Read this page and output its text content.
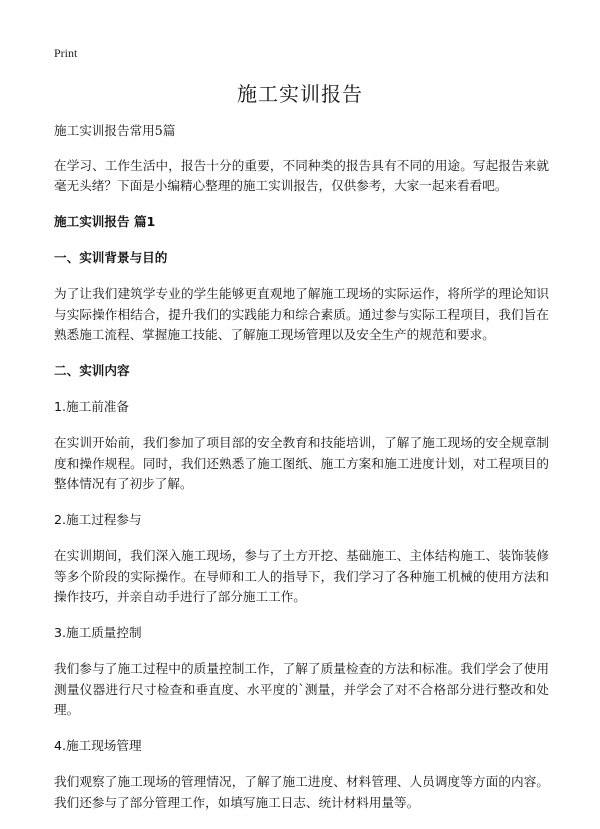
Print
施工实训报告

施工实训报告常用5篇

在学习、工作生活中，报告十分的重要，不同种类的报告具有不同的用途。写起报告来就毫无头绪？下面是小编精心整理的施工实训报告，仅供参考，大家一起来看看吧。

施工实训报告 篇1

一、实训背景与目的

为了让我们建筑学专业的学生能够更直观地了解施工现场的实际运作，将所学的理论知识与实际操作相结合，提升我们的实践能力和综合素质。通过参与实际工程项目，我们旨在熟悉施工流程、掌握施工技能、了解施工现场管理以及安全生产的规范和要求。

二、实训内容

1.施工前准备

在实训开始前，我们参加了项目部的安全教育和技能培训，了解了施工现场的安全规章制度和操作规程。同时，我们还熟悉了施工图纸、施工方案和施工进度计划，对工程项目的整体情况有了初步了解。

2.施工过程参与

在实训期间，我们深入施工现场，参与了土方开挖、基础施工、主体结构施工、装饰装修等多个阶段的实际操作。在导师和工人的指导下，我们学习了各种施工机械的使用方法和操作技巧，并亲自动手进行了部分施工工作。

3.施工质量控制

我们参与了施工过程中的质量控制工作，了解了质量检查的方法和标准。我们学会了使用测量仪器进行尺寸检查和垂直度、水平度的`测量，并学会了对不合格部分进行整改和处理。

4.施工现场管理

我们观察了施工现场的管理情况，了解了施工进度、材料管理、人员调度等方面的内容。我们还参与了部分管理工作，如填写施工日志、统计材料用量等。
